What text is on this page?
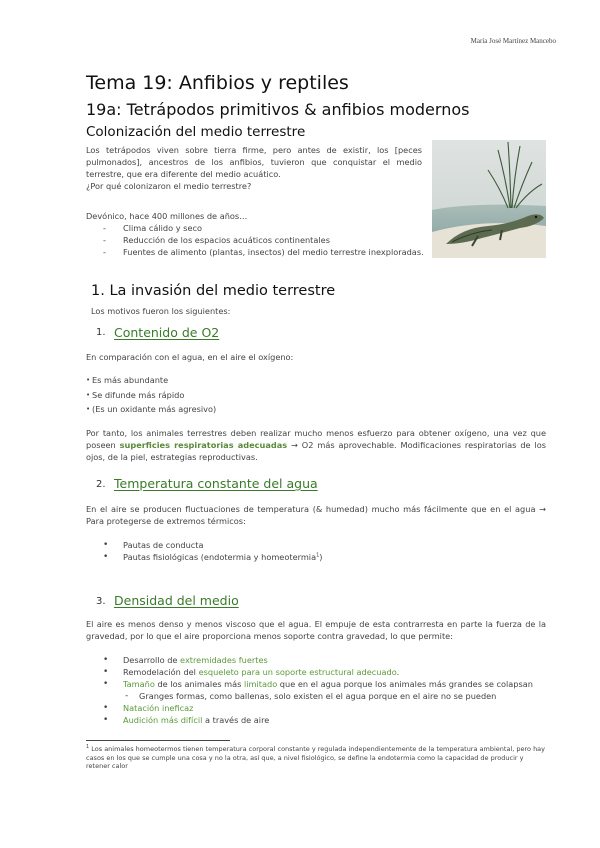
María José Martínez Mancebo
Tema 19: Anfibios y reptiles
19a: Tetrápodos primitivos & anfibios modernos
Colonización del medio terrestre
Los tetrápodos viven sobre tierra firme, pero antes de existir, los [peces pulmonados], ancestros de los anfibios, tuvieron que conquistar el medio terrestre, que era diferente del medio acuático.
¿Por qué colonizaron el medio terrestre?
Devónico, hace 400 millones de años…
- Clima cálido y seco
- Reducción de los espacios acuáticos continentales
- Fuentes de alimento (plantas, insectos) del medio terrestre inexploradas.
1. La invasión del medio terrestre
Los motivos fueron los siguientes:
1. Contenido de O2
En comparación con el agua, en el aire el oxígeno:
• Es más abundante
• Se difunde más rápido
• (Es un oxidante más agresivo)
Por tanto, los animales terrestres deben realizar mucho menos esfuerzo para obtener oxígeno, una vez que poseen superficies respiratorias adecuadas → O2 más aprovechable. Modificaciones respiratorias de los ojos, de la piel, estrategias reproductivas.
2. Temperatura constante del agua
En el aire se producen fluctuaciones de temperatura (& humedad) mucho más fácilmente que en el agua → Para protegerse de extremos térmicos:
• Pautas de conducta
• Pautas fisiológicas (endotermia y homeotermia$^1$)
3. Densidad del medio
El aire es menos denso y menos viscoso que el agua. El empuje de esta contrarresta en parte la fuerza de la gravedad, por lo que el aire proporciona menos soporte contra gravedad, lo que permite:
• Desarrollo de extremidades fuertes
• Remodelación del esqueleto para un soporte estructural adecuado.
• Tamaño de los animales más limitado que en el agua porque los animales más grandes se colapsan
- Granges formas, como ballenas, solo existen el el agua porque en el aire no se pueden
• Natación ineficaz
• Audición más difícil a través de aire
$^1$ Los animales homeotermos tienen temperatura corporal constante y regulada independientemente de la temperatura ambiental, pero hay casos en los que se cumple una cosa y no la otra, así que, a nivel fisiológico, se define la endotermia como la capacidad de producir y retener calor
